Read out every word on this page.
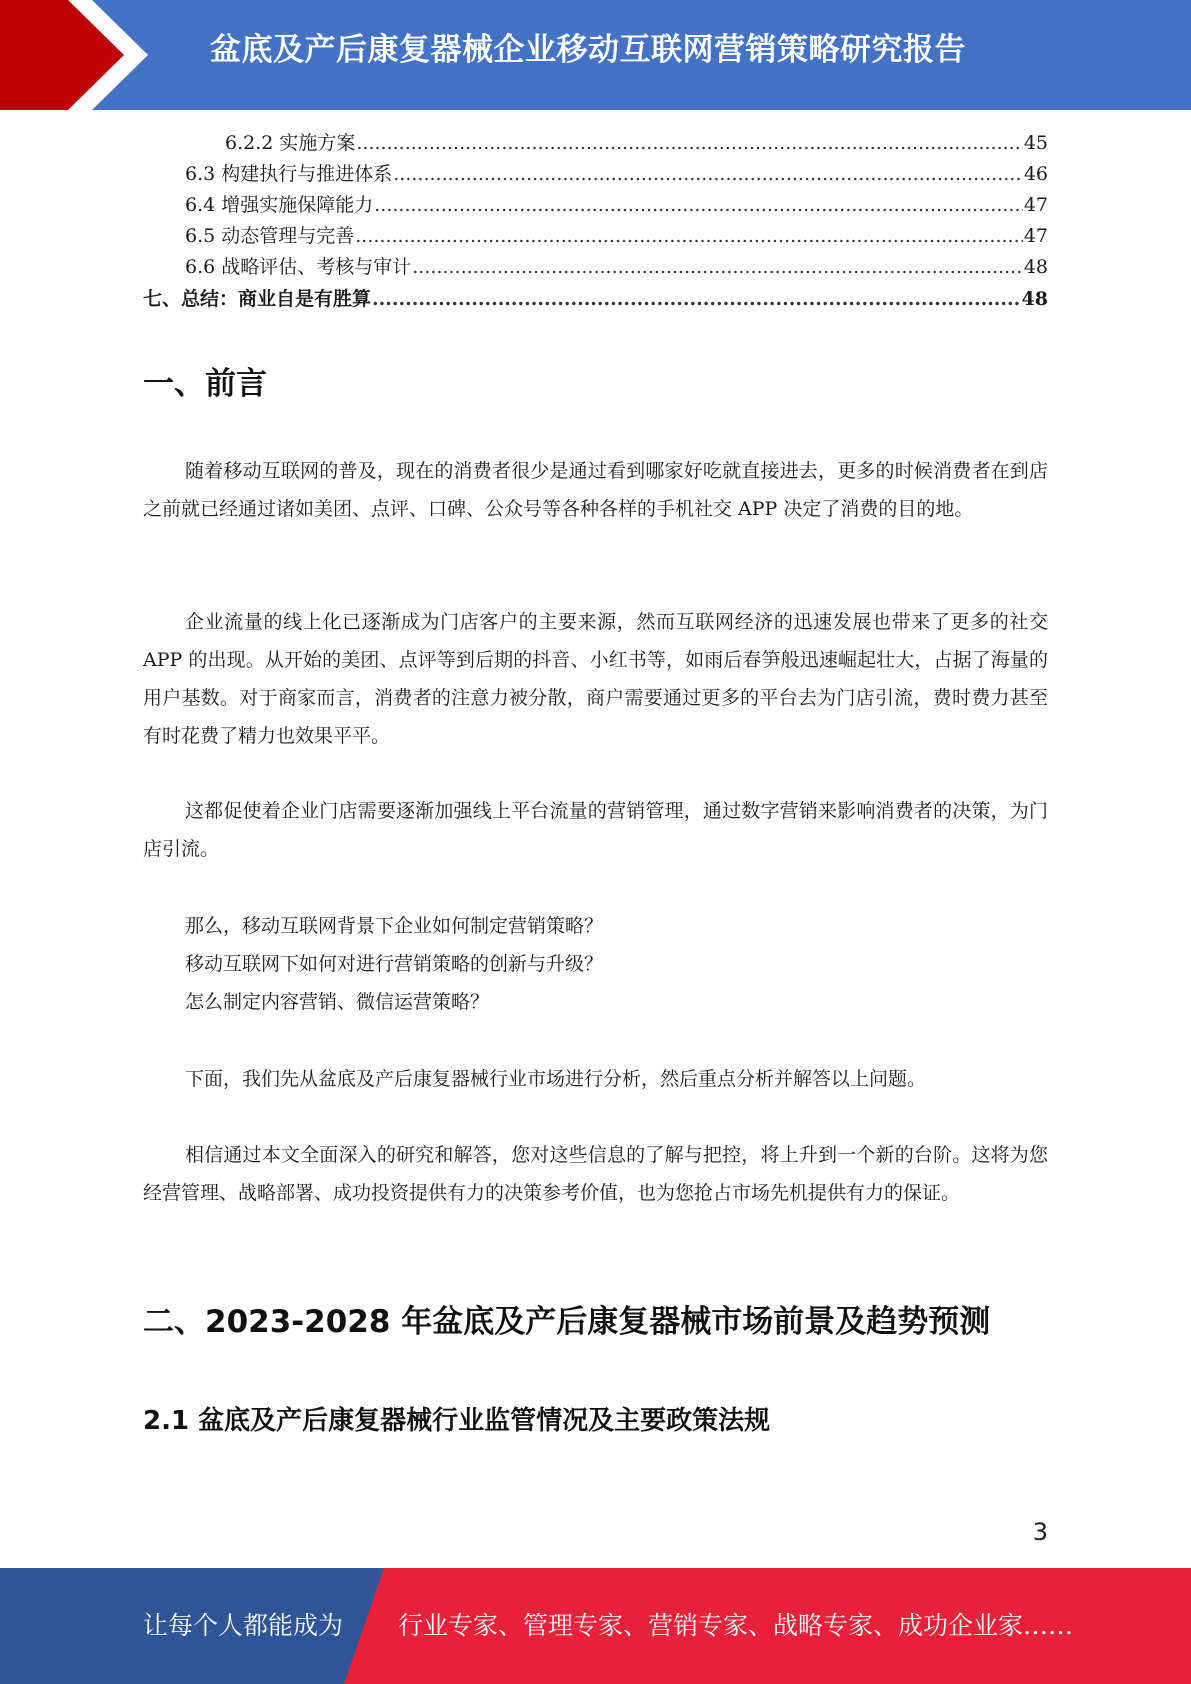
盆底及产后康复器械企业移动互联网营销策略研究报告
6.2.2 实施方案 .....	45
6.3 构建执行与推进体系 .....	46
6.4 增强实施保障能力 .....	47
6.5 动态管理与完善 .....	47
6.6 战略评估、考核与审计 .....	48
七、总结：商业自是有胜算 .....	48
一、前言

随着移动互联网的普及，现在的消费者很少是通过看到哪家好吃就直接进去，更多的时候消费者在到店之前就已经通过诸如美团、点评、口碑、公众号等各种各样的手机社交 APP 决定了消费的目的地。

企业流量的线上化已逐渐成为门店客户的主要来源，然而互联网经济的迅速发展也带来了更多的社交 APP 的出现。从开始的美团、点评等到后期的抖音、小红书等，如雨后春笋般迅速崛起壮大，占据了海量的用户基数。对于商家而言，消费者的注意力被分散，商户需要通过更多的平台去为门店引流，费时费力甚至有时花费了精力也效果平平。

这都促使着企业门店需要逐渐加强线上平台流量的营销管理，通过数字营销来影响消费者的决策，为门店引流。

那么，移动互联网背景下企业如何制定营销策略？

移动互联网下如何对进行营销策略的创新与升级？

怎么制定内容营销、微信运营策略？

下面，我们先从盆底及产后康复器械行业市场进行分析，然后重点分析并解答以上问题。

相信通过本文全面深入的研究和解答，您对这些信息的了解与把控，将上升到一个新的台阶。这将为您经营管理、战略部署、成功投资提供有力的决策参考价值，也为您抢占市场先机提供有力的保证。

二、2023-2028 年盆底及产后康复器械市场前景及趋势预测
2.1 盆底及产后康复器械行业监管情况及主要政策法规
3
让每个人都能成为 行业专家、管理专家、营销专家、战略专家、成功企业家……
